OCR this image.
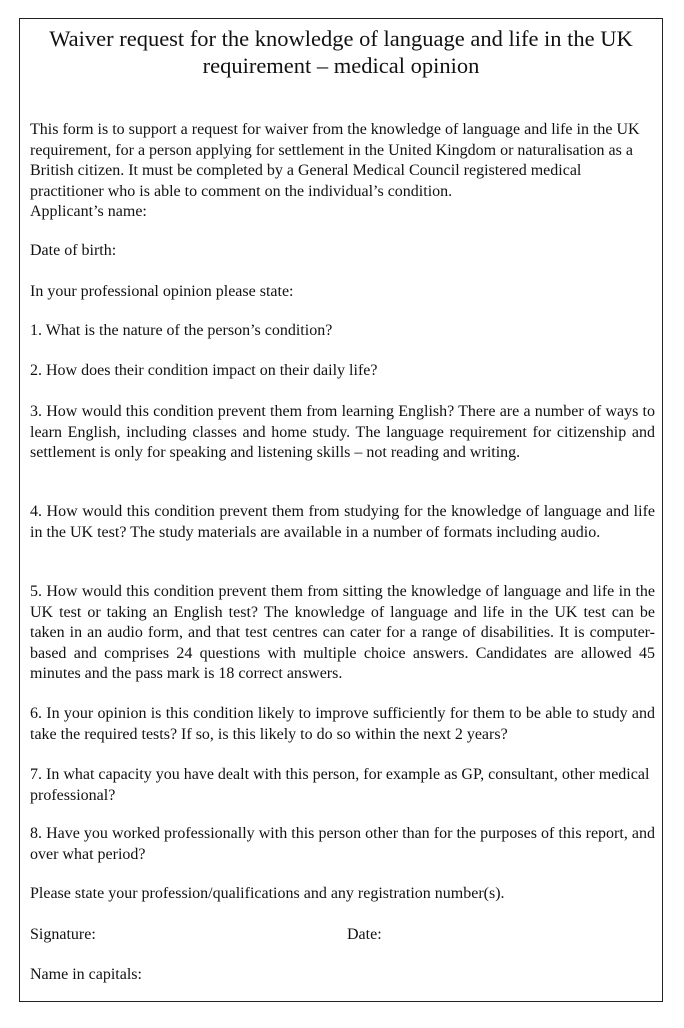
Waiver request for the knowledge of language and life in the UK
requirement – medical opinion

This form is to support a request for waiver from the knowledge of language and life in the UK requirement, for a person applying for settlement in the United Kingdom or naturalisation as a British citizen. It must be completed by a General Medical Council registered medical practitioner who is able to comment on the individual’s condition.

Applicant’s name:

Date of birth:

In your professional opinion please state:

1. What is the nature of the person’s condition?

2. How does their condition impact on their daily life?

3. How would this condition prevent them from learning English? There are a number of ways to learn English, including classes and home study. The language requirement for citizenship and settlement is only for speaking and listening skills – not reading and writing.

4. How would this condition prevent them from studying for the knowledge of language and life in the UK test? The study materials are available in a number of formats including audio.

5. How would this condition prevent them from sitting the knowledge of language and life in the UK test or taking an English test? The knowledge of language and life in the UK test can be taken in an audio form, and that test centres can cater for a range of disabilities. It is computer-based and comprises 24 questions with multiple choice answers. Candidates are allowed 45 minutes and the pass mark is 18 correct answers.

6. In your opinion is this condition likely to improve sufficiently for them to be able to study and take the required tests? If so, is this likely to do so within the next 2 years?

7. In what capacity you have dealt with this person, for example as GP, consultant, other medical professional?

8. Have you worked professionally with this person other than for the purposes of this report, and over what period?

Please state your profession/qualifications and any registration number(s).

Signature:	Date:

Name in capitals:
